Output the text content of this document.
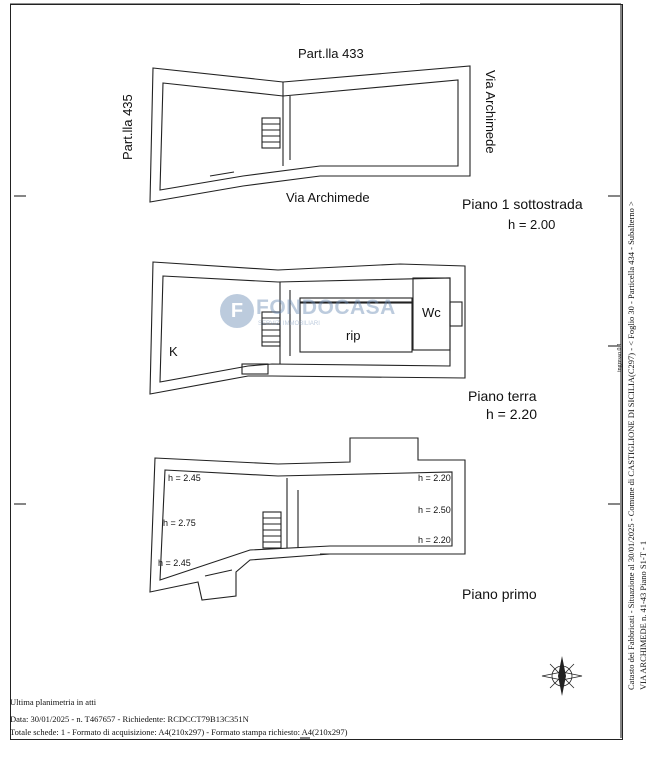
F FONDOCASA
SERVIZI IMMOBILIARI
Part.lla 433
Part.lla 435	Via Archimede
Via Archimede	Piano 1 sottostrada
h = 2.00
Piano terra
h = 2.20
Piano primo
K
rip
Wc
h = 2.45
h = 2.75
h = 2.45
h = 2.20
h = 2.50
h = 2.20
Ultima planimetria in atti
Data: 30/01/2025 - n. T467657 - Richiedente: RCDCCT79B13C351N
Totale schede: 1 - Formato di acquisizione: A4(210x297) - Formato stampa richiesto: A4(210x297)
Catasto dei Fabbricati - Situazione al 30/01/2025 - Comune di CASTIGLIONE DI SICILIA(C297) - < Foglio 30 - Particella 434 - Subalterno > VIA ARCHIMEDE n. 41-43 Piano S1-T - 1
ingresso 0.1
